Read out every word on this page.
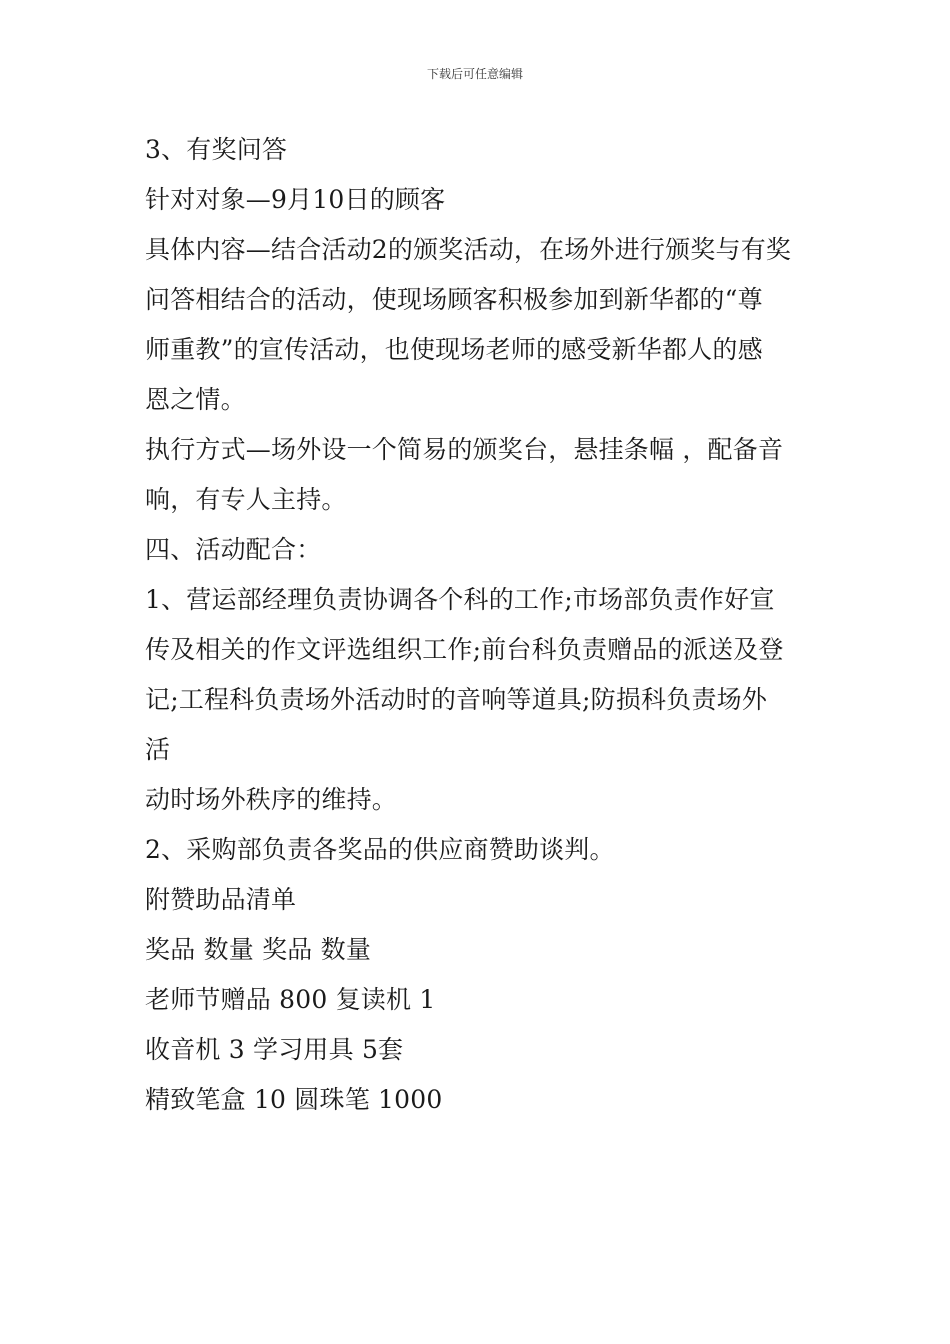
下载后可任意编辑
3、有奖问答
针对对象—9月10日的顾客
具体内容—结合活动2的颁奖活动，在场外进行颁奖与有奖
问答相结合的活动，使现场顾客积极参加到新华都的“尊
师重教”的宣传活动，也使现场老师的感受新华都人的感
恩之情。
执行方式—场外设一个简易的颁奖台，悬挂条幅 ，配备音
响，有专人主持。
四、活动配合：
1、营运部经理负责协调各个科的工作;市场部负责作好宣
传及相关的作文评选组织工作;前台科负责赠品的派送及登
记;工程科负责场外活动时的音响等道具;防损科负责场外
活
动时场外秩序的维持。
2、采购部负责各奖品的供应商赞助谈判。
附赞助品清单
奖品 数量 奖品 数量
老师节赠品 800 复读机 1
收音机 3 学习用具 5套
精致笔盒 10 圆珠笔 1000
